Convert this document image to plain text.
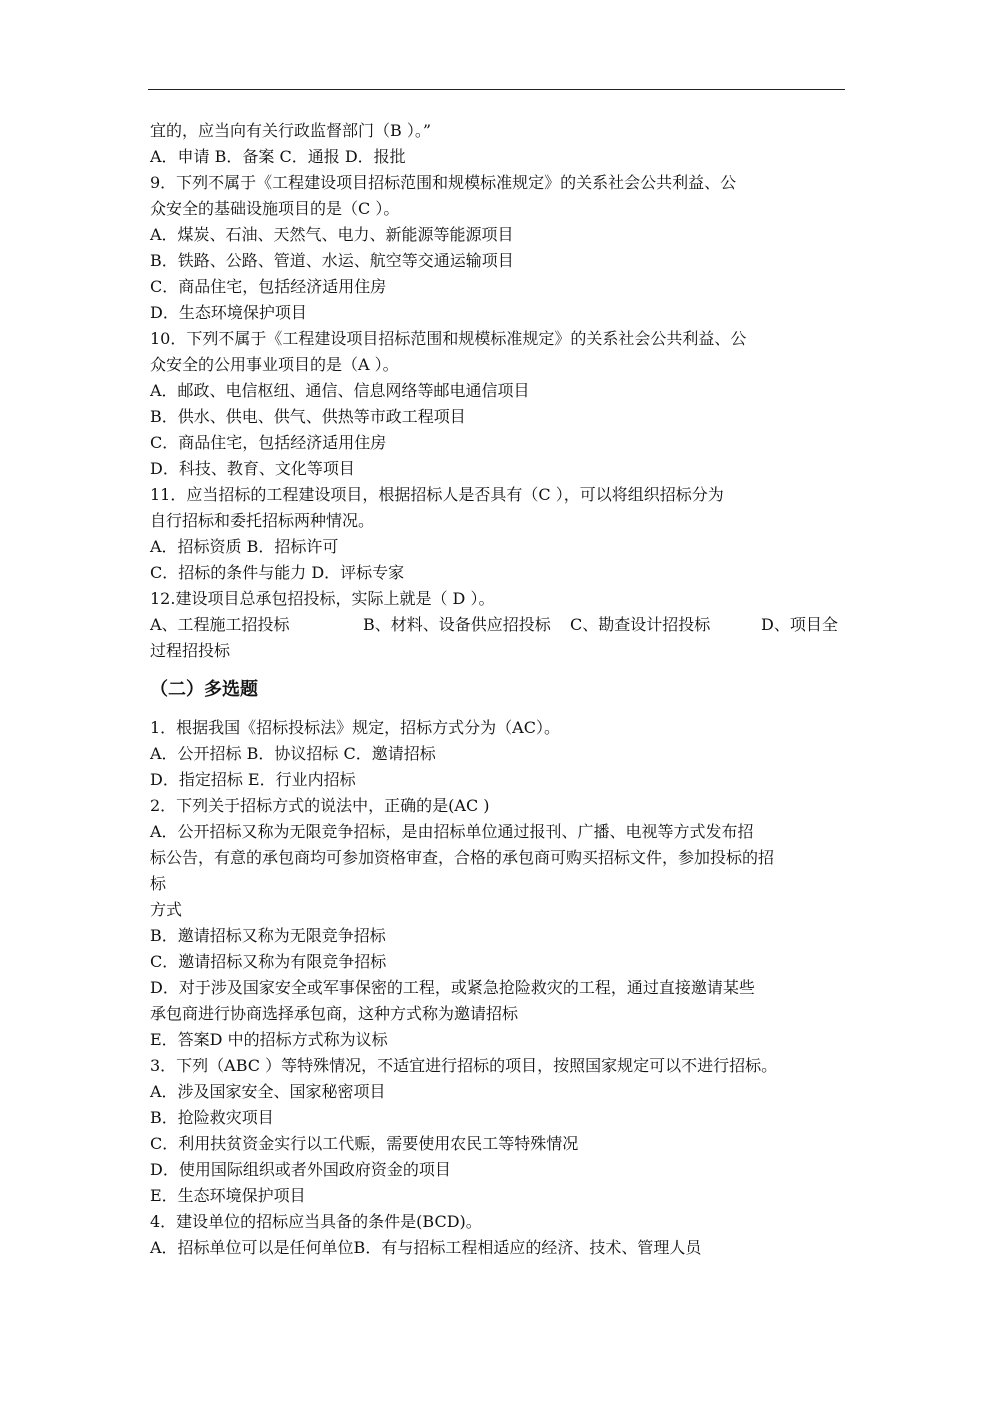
宜的，应当向有关行政监督部门（B ）。”
A．申请 B．备案 C．通报 D．报批
9．下列不属于《工程建设项目招标范围和规模标准规定》的关系社会公共利益、公
众安全的基础设施项目的是（C ）。
A．煤炭、石油、天然气、电力、新能源等能源项目
B．铁路、公路、管道、水运、航空等交通运输项目
C．商品住宅，包括经济适用住房
D．生态环境保护项目
10．下列不属于《工程建设项目招标范围和规模标准规定》的关系社会公共利益、公
众安全的公用事业项目的是（A ）。
A．邮政、电信枢纽、通信、信息网络等邮电通信项目
B．供水、供电、供气、供热等市政工程项目
C．商品住宅，包括经济适用住房
D．科技、教育、文化等项目
11．应当招标的工程建设项目，根据招标人是否具有（C ），可以将组织招标分为
自行招标和委托招标两种情况。
A．招标资质 B．招标许可
C．招标的条件与能力 D．评标专家
12.建设项目总承包招投标，实际上就是（ D ）。
A、工程施工招投标	B、材料、设备供应招投标	C、勘查设计招投标	D、项目全
过程招投标
（二）多选题
1．根据我国《招标投标法》规定，招标方式分为（AC）。
A．公开招标 B．协议招标 C．邀请招标
D．指定招标 E．行业内招标
2．下列关于招标方式的说法中，正确的是(AC )
A．公开招标又称为无限竞争招标，是由招标单位通过报刊、广播、电视等方式发布招
标公告，有意的承包商均可参加资格审查，合格的承包商可购买招标文件，参加投标的招
标
方式
B．邀请招标又称为无限竞争招标
C．邀请招标又称为有限竞争招标
D．对于涉及国家安全或军事保密的工程，或紧急抢险救灾的工程，通过直接邀请某些
承包商进行协商选择承包商，这种方式称为邀请招标
E．答案D 中的招标方式称为议标
3．下列（ABC ）等特殊情况，不适宜进行招标的项目，按照国家规定可以不进行招标。
A．涉及国家安全、国家秘密项目
B．抢险救灾项目
C．利用扶贫资金实行以工代赈，需要使用农民工等特殊情况
D．使用国际组织或者外国政府资金的项目
E．生态环境保护项目
4．建设单位的招标应当具备的条件是(BCD)。
A．招标单位可以是任何单位B．有与招标工程相适应的经济、技术、管理人员
